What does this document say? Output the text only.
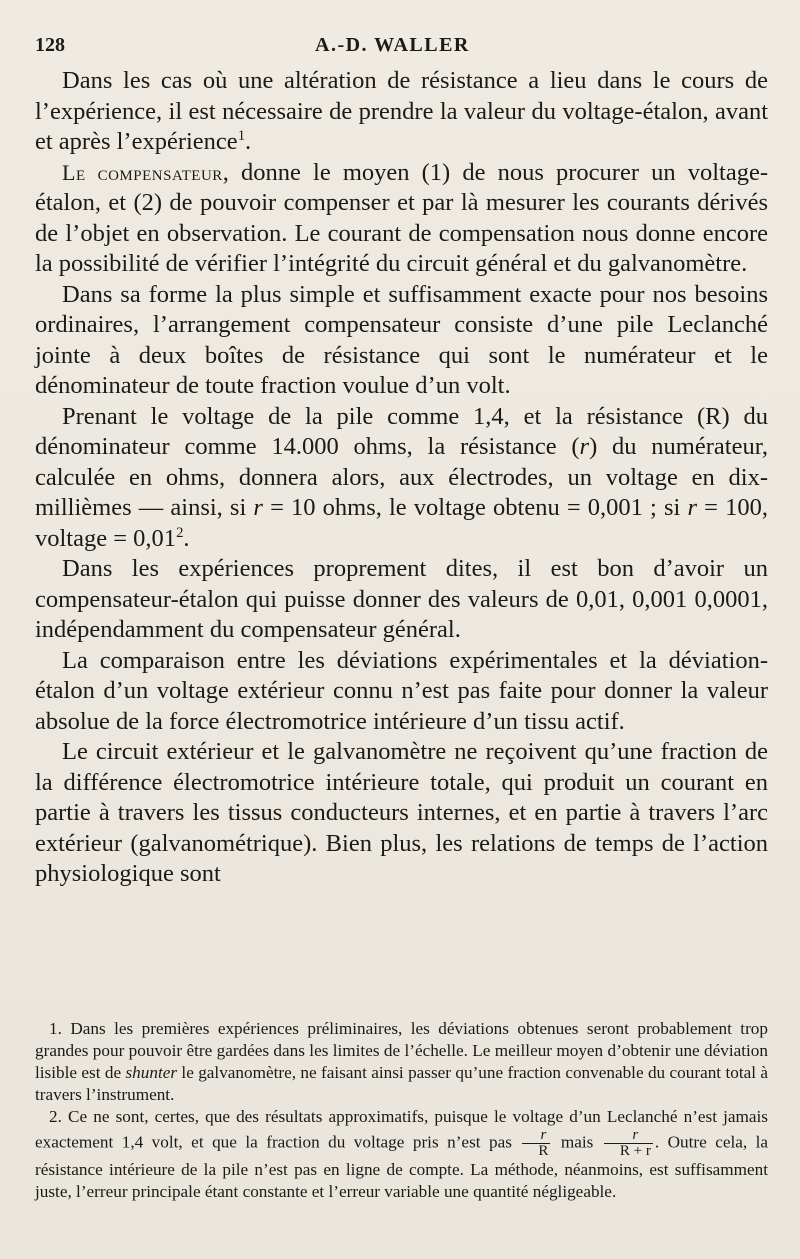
128	A.-D. WALLER

Dans les cas où une altération de résistance a lieu dans le cours de l’expérience, il est nécessaire de prendre la valeur du voltage-étalon, avant et après l’expérience$^1$.

Le compensateur, donne le moyen (1) de nous procurer un voltage-étalon, et (2) de pouvoir compenser et par là mesurer les courants dérivés de l’objet en observation. Le courant de compensation nous donne encore la possibilité de vérifier l’intégrité du circuit général et du galvanomètre.

Dans sa forme la plus simple et suffisamment exacte pour nos besoins ordinaires, l’arrangement compensateur consiste d’une pile Leclanché jointe à deux boîtes de résistance qui sont le numérateur et le dénominateur de toute fraction voulue d’un volt.

Prenant le voltage de la pile comme 1,4, et la résistance (R) du dénominateur comme 14.000 ohms, la résistance (r) du numérateur, calculée en ohms, donnera alors, aux électrodes, un voltage en dix-millièmes — ainsi, si r = 10 ohms, le voltage obtenu = 0,001 ; si r = 100, voltage = $0,01^2$.

Dans les expériences proprement dites, il est bon d’avoir un compensateur-étalon qui puisse donner des valeurs de 0,01, 0,001 0,0001, indépendamment du compensateur général.

La comparaison entre les déviations expérimentales et la déviation-étalon d’un voltage extérieur connu n’est pas faite pour donner la valeur absolue de la force électromotrice intérieure d’un tissu actif.

Le circuit extérieur et le galvanomètre ne reçoivent qu’une fraction de la différence électromotrice intérieure totale, qui produit un courant en partie à travers les tissus conducteurs internes, et en partie à travers l’arc extérieur (galvanométrique). Bien plus, les relations de temps de l’action physiologique sont

1. Dans les premières expériences préliminaires, les déviations obtenues seront probablement trop grandes pour pouvoir être gardées dans les limites de l’échelle. Le meilleur moyen d’obtenir une déviation lisible est de shunter le galvanomètre, ne faisant ainsi passer qu’une fraction convenable du courant total à travers l’instrument.

2. Ce ne sont, certes, que des résultats approximatifs, puisque le voltage d’un Leclanché n’est jamais exactement 1,4 volt, et que la fraction du voltage pris n’est pas $\frac{r}{R}$ mais $\frac{r}{R + r}$ . Outre cela, la résistance intérieure de la pile n’est pas en ligne de compte. La méthode, néanmoins, est suffisamment juste, l’erreur principale étant constante et l’erreur variable une quantité négligeable.
